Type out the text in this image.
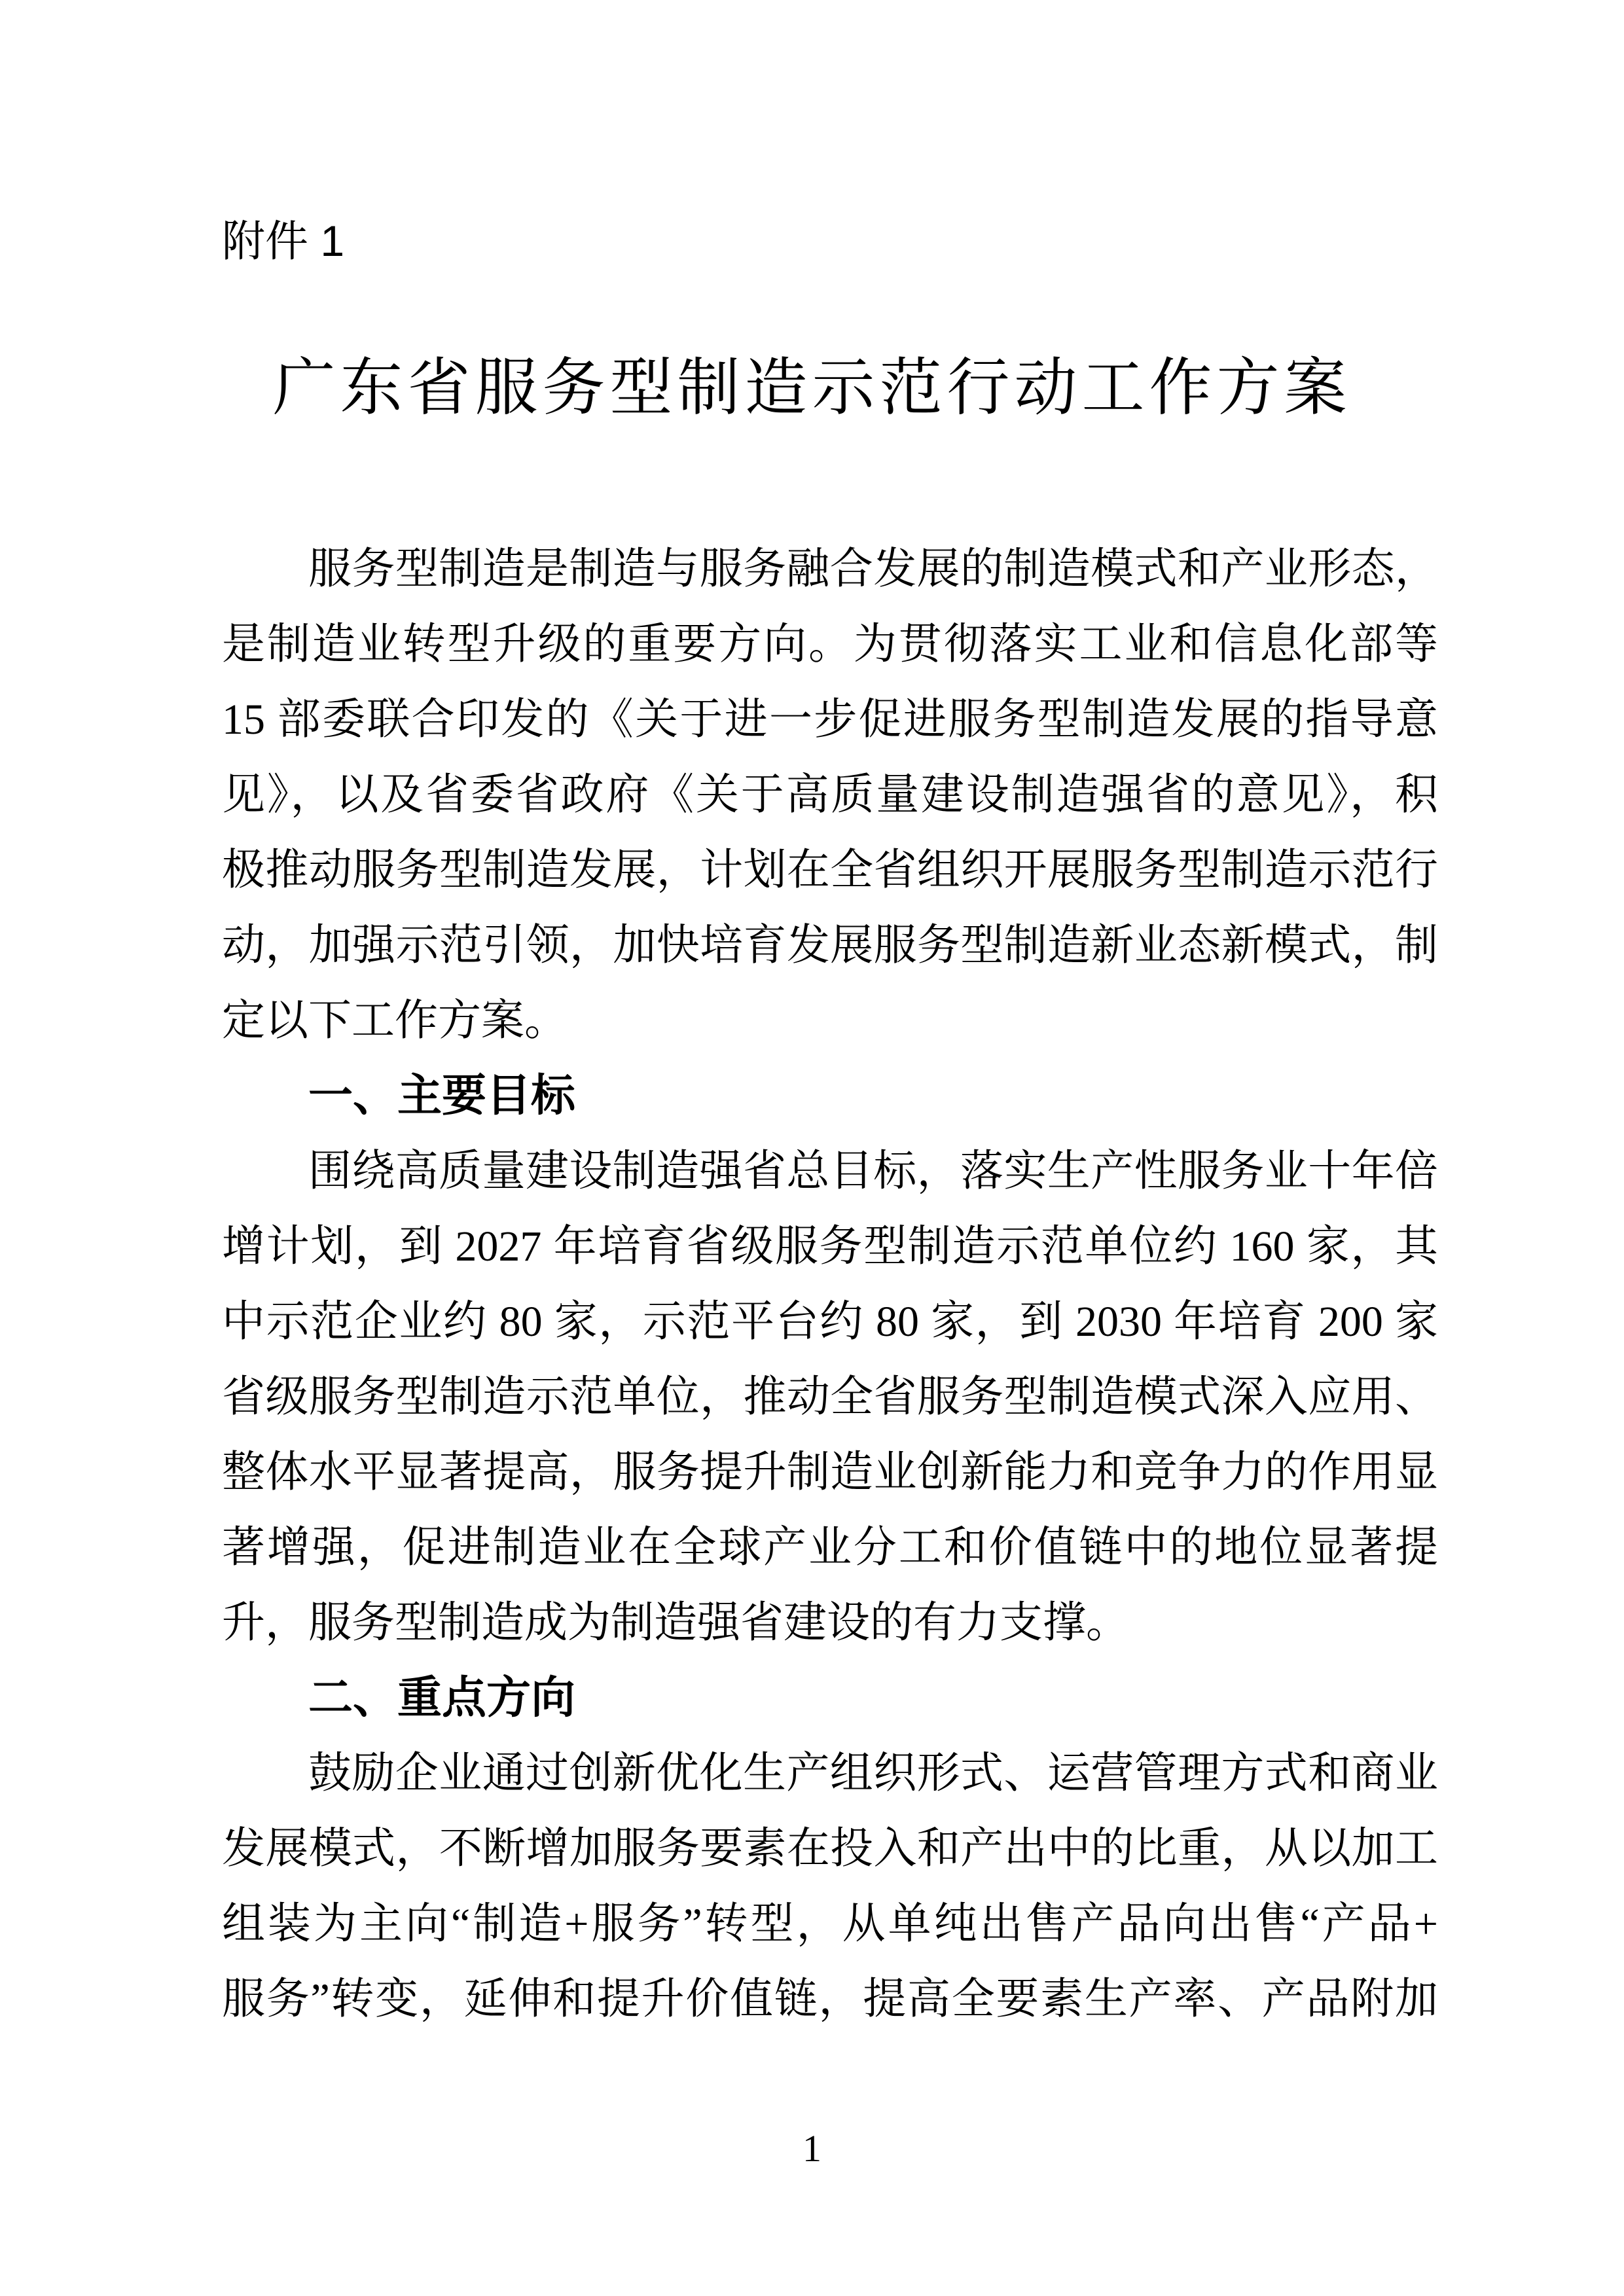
附件 1
广东省服务型制造示范行动工作方案
服务型制造是制造与服务融合发展的制造模式和产业形态，
是制造业转型升级的重要方向。为贯彻落实工业和信息化部等
15 部委联合印发的《关于进一步促进服务型制造发展的指导意
见》，以及省委省政府《关于高质量建设制造强省的意见》，积
极推动服务型制造发展，计划在全省组织开展服务型制造示范行
动，加强示范引领，加快培育发展服务型制造新业态新模式，制
定以下工作方案。
一、主要目标
围绕高质量建设制造强省总目标，落实生产性服务业十年倍
增计划，到 2027 年培育省级服务型制造示范单位约 160 家，其
中示范企业约 80 家，示范平台约 80 家，到 2030 年培育 200 家
省级服务型制造示范单位，推动全省服务型制造模式深入应用、
整体水平显著提高，服务提升制造业创新能力和竞争力的作用显
著增强，促进制造业在全球产业分工和价值链中的地位显著提
升，服务型制造成为制造强省建设的有力支撑。
二、重点方向
鼓励企业通过创新优化生产组织形式、运营管理方式和商业
发展模式，不断增加服务要素在投入和产出中的比重，从以加工
组装为主向“制造+服务”转型，从单纯出售产品向出售“产品+
服务”转变，延伸和提升价值链，提高全要素生产率、产品附加
1
